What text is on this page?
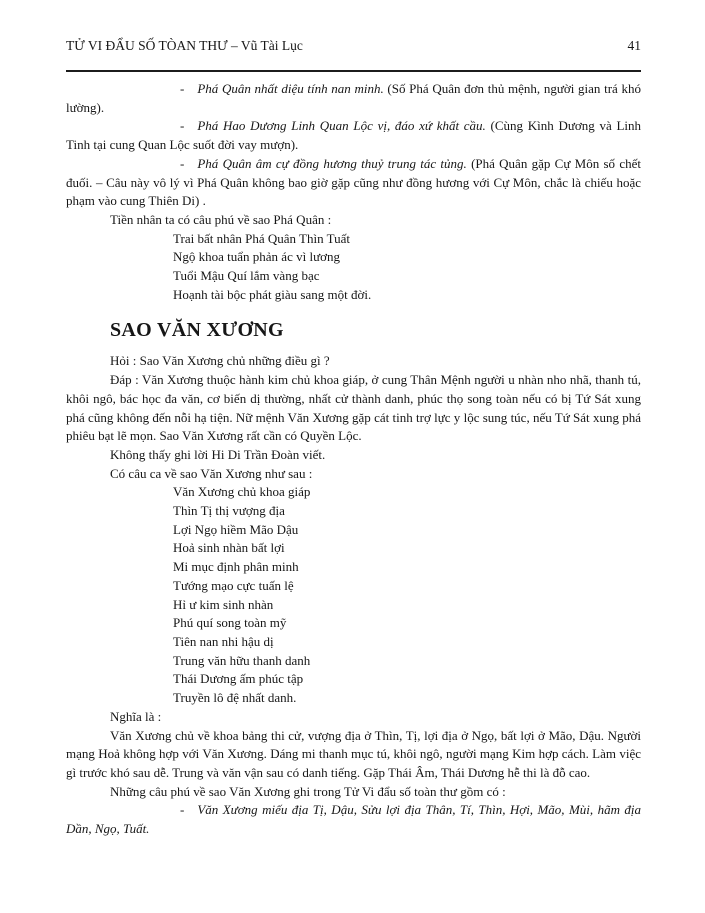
TỬ VI ĐẨU SỐ TÒAN THƯ – Vũ Tài Lục	41

- Phá Quân nhất diệu tính nan minh. (Số Phá Quân đơn thủ mệnh, người gian trá khó lường).

- Phá Hao Dương Linh Quan Lộc vị, đáo xứ khất cầu. (Cùng Kình Dương và Linh Tinh tại cung Quan Lộc suốt đời vay mượn).

- Phá Quân âm cự đồng hương thuỷ trung tác tủng. (Phá Quân gặp Cự Môn số chết đuối. – Câu này vô lý vì Phá Quân không bao giờ gặp cũng như đồng hương với Cự Môn, chắc là chiếu hoặc phạm vào cung Thiên Di) .

Tiền nhân ta có câu phú về sao Phá Quân :

Trai bất nhân Phá Quân Thìn Tuất
Ngộ khoa tuẩn phản ác vì lương
Tuổi Mậu Quí lắm vàng bạc
Hoạnh tài bộc phát giàu sang một đời.
SAO VĂN XƯƠNG

Hỏi : Sao Văn Xương chủ những điều gì ?

Đáp : Văn Xương thuộc hành kim chủ khoa giáp, ở cung Thân Mệnh người u nhàn nho nhã, thanh tú, khôi ngô, bác học đa văn, cơ biến dị thường, nhất cử thành danh, phúc thọ song toàn nếu có bị Tứ Sát xung phá cũng không đến nỗi hạ tiện. Nữ mệnh Văn Xương gặp cát tinh trợ lực y lộc sung túc, nếu Tứ Sát xung phá phiêu bạt lẽ mọn. Sao Văn Xương rất cần có Quyền Lộc.

Không thấy ghi lời Hi Di Trần Đoàn viết.

Có câu ca về sao Văn Xương như sau :

Văn Xương chủ khoa giáp
Thìn Tị thị vượng địa
Lợi Ngọ hiềm Mão Dậu
Hoả sinh nhàn bất lợi
Mi mục định phân minh
Tướng mạo cực tuấn lệ
Hỉ ư kim sinh nhàn
Phú quí song toàn mỹ
Tiên nan nhi hậu dị
Trung văn hữu thanh danh
Thái Dương ấm phúc tập
Truyền lô đệ nhất danh.

Nghĩa là :

Văn Xương chủ về khoa bảng thi cử, vượng địa ở Thìn, Tị, lợi địa ở Ngọ, bất lợi ở Mão, Dậu. Người mạng Hoả không hợp với Văn Xương. Dáng mi thanh mục tú, khôi ngô, người mạng Kim hợp cách. Làm việc gì trước khó sau dễ. Trung và văn vận sau có danh tiếng. Gặp Thái Âm, Thái Dương hễ thi là đỗ cao.

Những câu phú về sao Văn Xương ghi trong Tử Vi đẩu số toàn thư gồm có :

- Văn Xương miếu địa Tị, Dậu, Sửu lợi địa Thân, Tí, Thìn, Hợi, Mão, Mùi, hãm địa Dần, Ngọ, Tuất.
